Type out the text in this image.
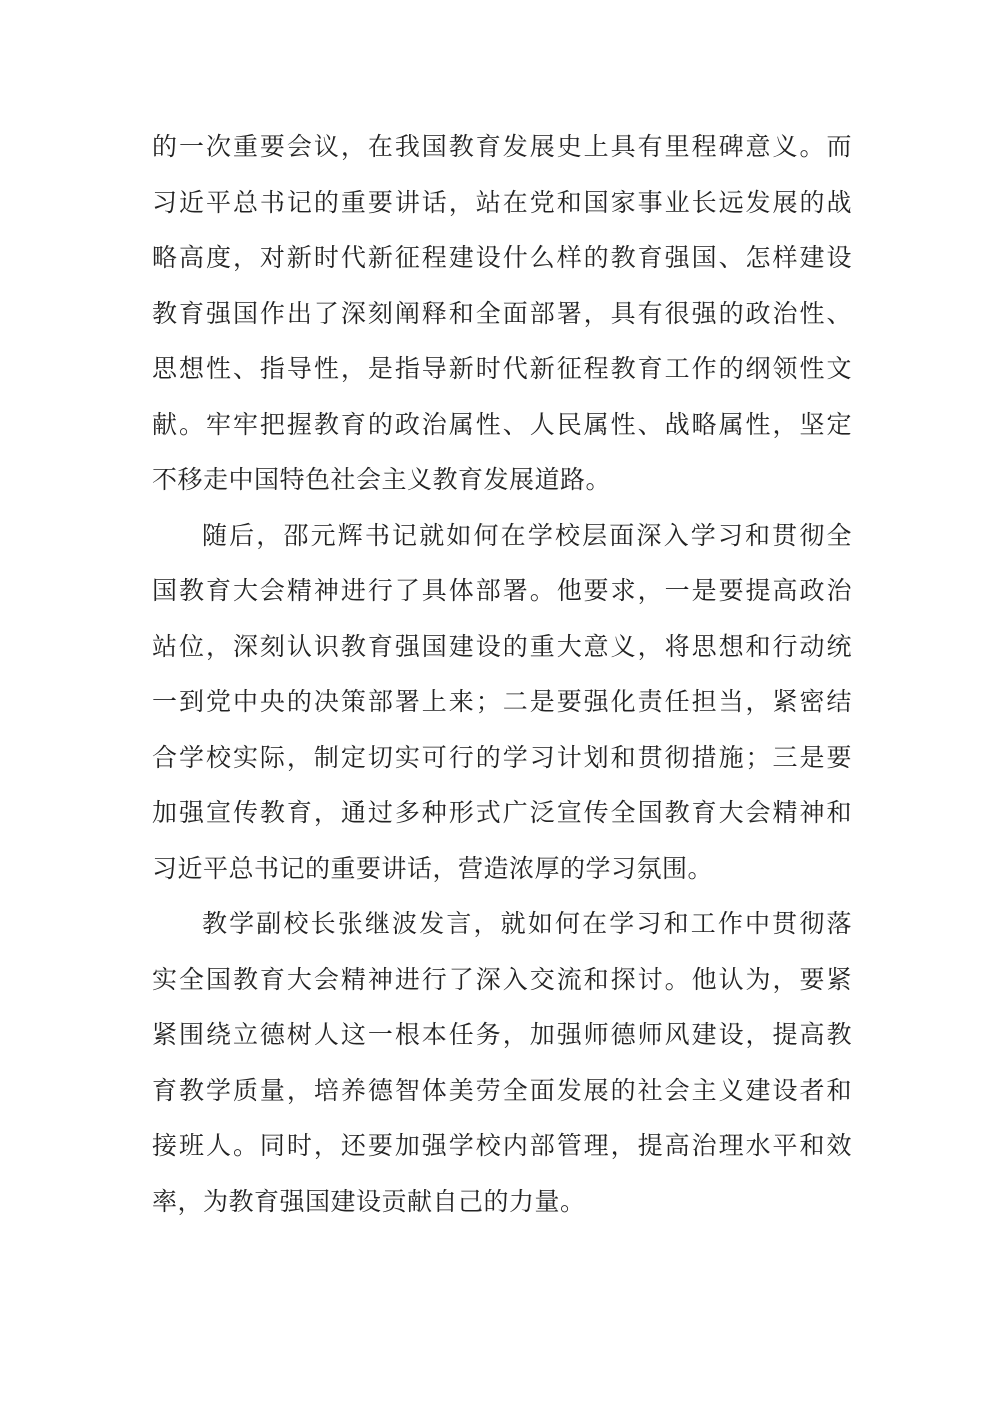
的一次重要会议，在我国教育发展史上具有里程碑意义。而
习近平总书记的重要讲话，站在党和国家事业长远发展的战
略高度，对新时代新征程建设什么样的教育强国、怎样建设
教育强国作出了深刻阐释和全面部署，具有很强的政治性、
思想性、指导性，是指导新时代新征程教育工作的纲领性文
献。牢牢把握教育的政治属性、人民属性、战略属性，坚定
不移走中国特色社会主义教育发展道路。
随后，邵元辉书记就如何在学校层面深入学习和贯彻全
国教育大会精神进行了具体部署。他要求，一是要提高政治
站位，深刻认识教育强国建设的重大意义，将思想和行动统
一到党中央的决策部署上来；二是要强化责任担当，紧密结
合学校实际，制定切实可行的学习计划和贯彻措施；三是要
加强宣传教育，通过多种形式广泛宣传全国教育大会精神和
习近平总书记的重要讲话，营造浓厚的学习氛围。
教学副校长张继波发言，就如何在学习和工作中贯彻落
实全国教育大会精神进行了深入交流和探讨。他认为，要紧
紧围绕立德树人这一根本任务，加强师德师风建设，提高教
育教学质量，培养德智体美劳全面发展的社会主义建设者和
接班人。同时，还要加强学校内部管理，提高治理水平和效
率，为教育强国建设贡献自己的力量。
